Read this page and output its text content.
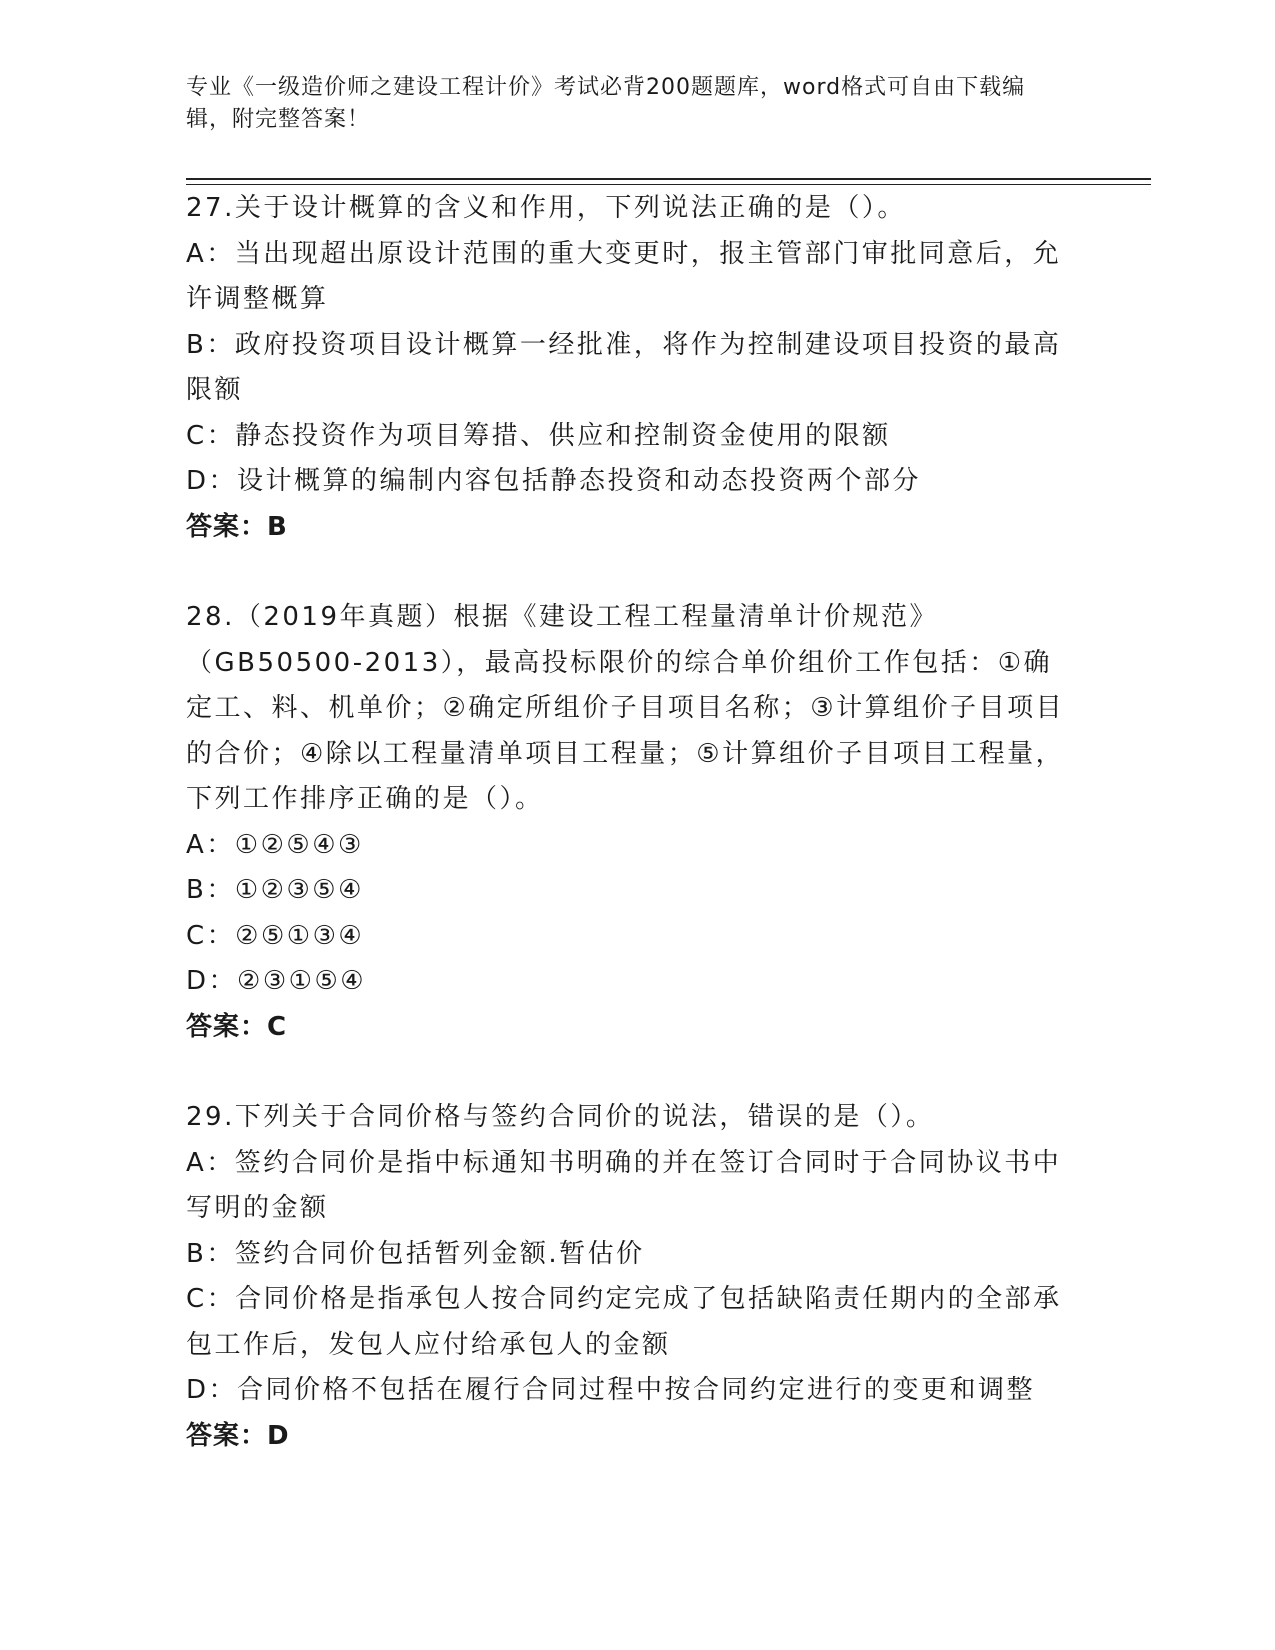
专业《一级造价师之建设工程计价》考试必背200题题库，word格式可自由下载编辑，附完整答案！

27.关于设计概算的含义和作用，下列说法正确的是（）。

A：当出现超出原设计范围的重大变更时，报主管部门审批同意后，允许调整概算

B：政府投资项目设计概算一经批准，将作为控制建设项目投资的最高限额

C：静态投资作为项目筹措、供应和控制资金使用的限额

D：设计概算的编制内容包括静态投资和动态投资两个部分

答案：B

28.（2019年真题）根据《建设工程工程量清单计价规范》（GB50500-2013），最高投标限价的综合单价组价工作包括：①确定工、料、机单价；②确定所组价子目项目名称；③计算组价子目项目的合价；④除以工程量清单项目工程量；⑤计算组价子目项目工程量，下列工作排序正确的是（）。

A：①②⑤④③

B：①②③⑤④

C：②⑤①③④

D：②③①⑤④

答案：C

29.下列关于合同价格与签约合同价的说法，错误的是（）。

A：签约合同价是指中标通知书明确的并在签订合同时于合同协议书中写明的金额

B：签约合同价包括暂列金额.暂估价

C：合同价格是指承包人按合同约定完成了包括缺陷责任期内的全部承包工作后，发包人应付给承包人的金额

D：合同价格不包括在履行合同过程中按合同约定进行的变更和调整

答案：D
